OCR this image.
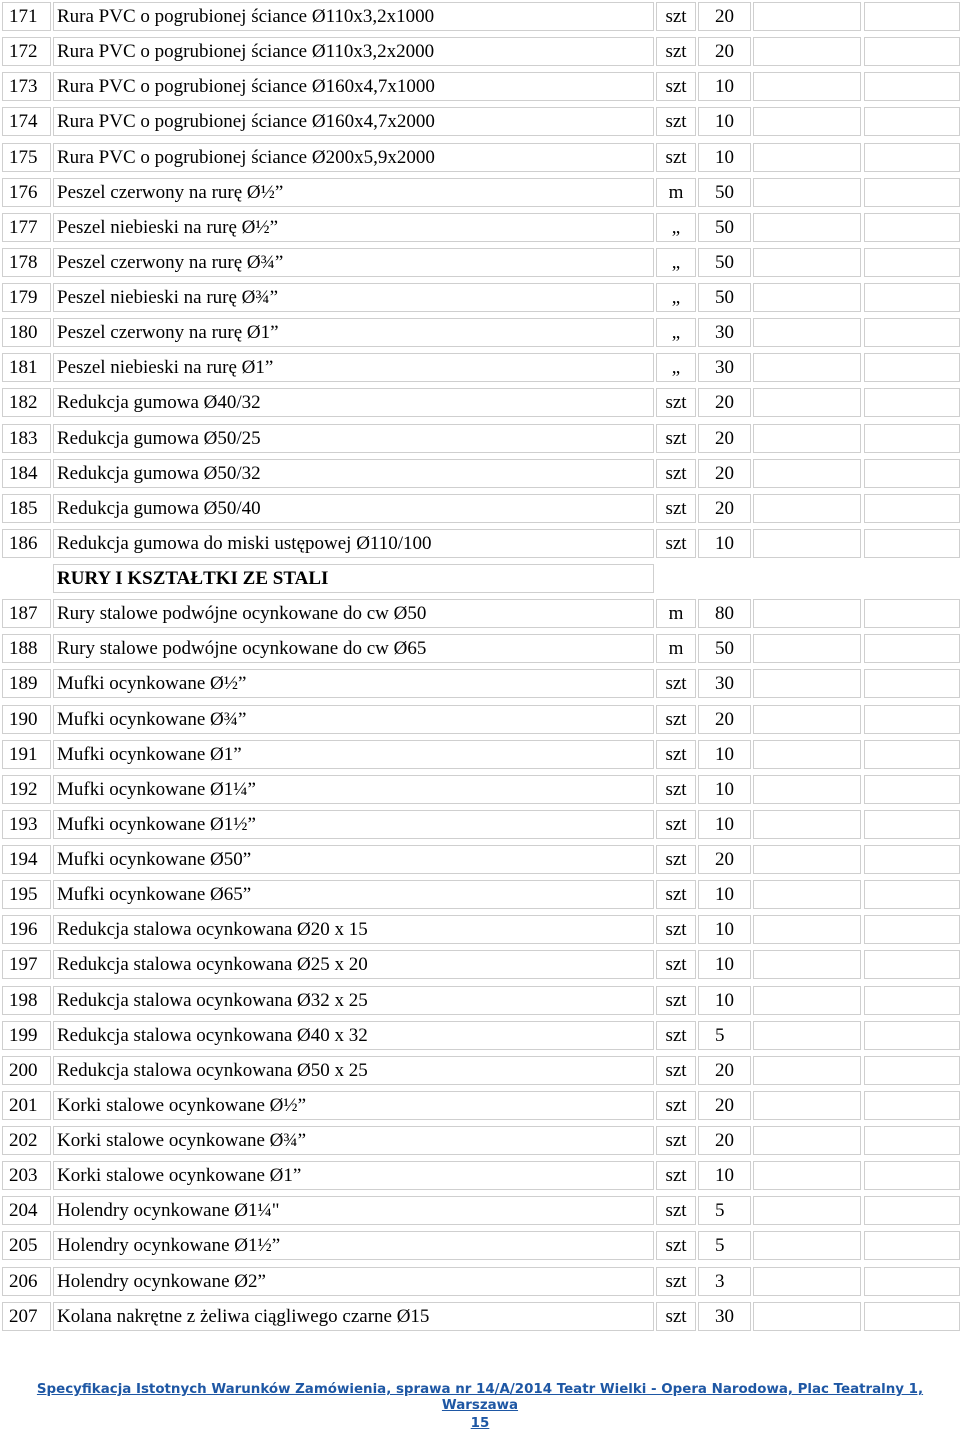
171	Rura PVC o pogrubionej ściance Ø110x3,2x1000	szt	20
172	Rura PVC o pogrubionej ściance Ø110x3,2x2000	szt	20
173	Rura PVC o pogrubionej ściance Ø160x4,7x1000	szt	10
174	Rura PVC o pogrubionej ściance Ø160x4,7x2000	szt	10
175	Rura PVC o pogrubionej ściance Ø200x5,9x2000	szt	10
176	Peszel czerwony na rurę Ø½”	m	50
177	Peszel niebieski na rurę Ø½”	„	50
178	Peszel czerwony na rurę Ø¾”	„	50
179	Peszel niebieski na rurę Ø¾”	„	50
180	Peszel czerwony na rurę Ø1”	„	30
181	Peszel niebieski na rurę Ø1”	„	30
182	Redukcja gumowa Ø40/32	szt	20
183	Redukcja gumowa Ø50/25	szt	20
184	Redukcja gumowa Ø50/32	szt	20
185	Redukcja gumowa Ø50/40	szt	20
186	Redukcja gumowa do miski ustępowej Ø110/100	szt	10
RURY I KSZTAŁTKI ZE STALI
187	Rury stalowe podwójne ocynkowane do cw Ø50	m	80
188	Rury stalowe podwójne ocynkowane do cw Ø65	m	50
189	Mufki ocynkowane Ø½”	szt	30
190	Mufki ocynkowane Ø¾”	szt	20
191	Mufki ocynkowane Ø1”	szt	10
192	Mufki ocynkowane Ø1¼”	szt	10
193	Mufki ocynkowane Ø1½”	szt	10
194	Mufki ocynkowane Ø50”	szt	20
195	Mufki ocynkowane Ø65”	szt	10
196	Redukcja stalowa ocynkowana Ø20 x 15	szt	10
197	Redukcja stalowa ocynkowana Ø25 x 20	szt	10
198	Redukcja stalowa ocynkowana Ø32 x 25	szt	10
199	Redukcja stalowa ocynkowana Ø40 x 32	szt	5
200	Redukcja stalowa ocynkowana Ø50 x 25	szt	20
201	Korki stalowe ocynkowane Ø½”	szt	20
202	Korki stalowe ocynkowane Ø¾”	szt	20
203	Korki stalowe ocynkowane Ø1”	szt	10
204	Holendry ocynkowane Ø1¼"	szt	5
205	Holendry ocynkowane Ø1½”	szt	5
206	Holendry ocynkowane Ø2”	szt	3
207	Kolana nakrętne z żeliwa ciągliwego czarne Ø15	szt	30
Specyfikacja Istotnych Warunków Zamówienia, sprawa nr 14/A/2014 Teatr Wielki - Opera Narodowa, Plac Teatralny 1, Warszawa
15
